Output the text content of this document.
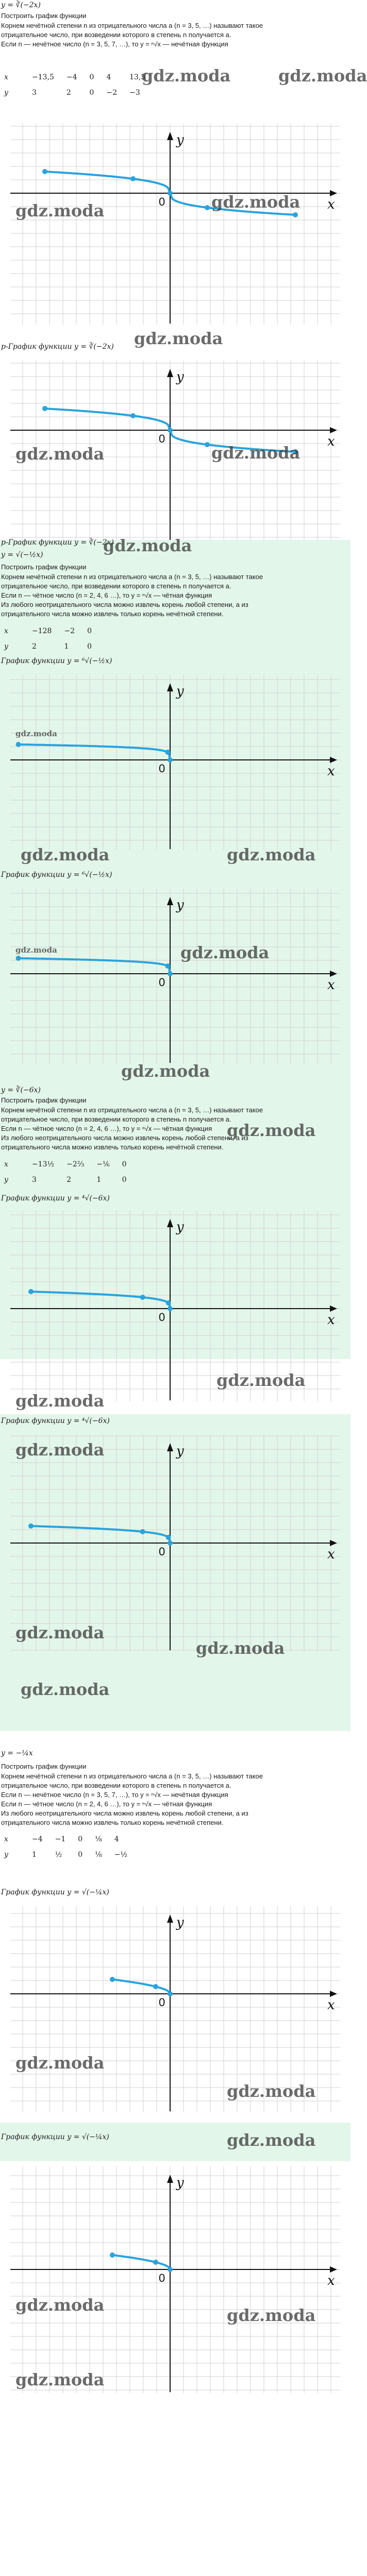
y = ∛(−2x)
Построить график функции
Корнем нечётной степени n из отрицательного числа a (n = 3, 5, …) называют такое
отрицательное число, при возведении которого в степень n получается a.
Если n — нечётное число (n = 3, 5, 7, …), то y = ⁿ√x — нечётная функция
x	−13,5	−4	0	4	13,5
y	3	2	0	−2	−3
gdz.moda	gdz.moda
x
y
0
gdz.moda	gdz.moda
gdz.moda
р-График функции y = ∛(−2x)
x
y
0
gdz.moda	gdz.moda
р-График функции y = ∛(−2x)
gdz.moda
y = √(−½x)
Построить график функции
Корнем нечётной степени n из отрицательного числа a (n = 3, 5, …) называют такое
отрицательное число, при возведении которого в степень n получается a.
Если n — чётное число (n = 2, 4, 6 …), то y = ⁿ√x — чётная функция
Из любого неотрицательного числа можно извлечь корень любой степени, а из
отрицательного числа можно извлечь только корень нечётной степени.
x	−128	−2	0
y	2	1	0
График функции y = ⁶√(−½x)
x
y
0
gdz.moda
gdz.moda	gdz.moda
График функции y = ⁶√(−½x)
x
y
0
gdz.moda	gdz.moda
gdz.moda
y = ∛(−6x)
Построить график функции
Корнем нечётной степени n из отрицательного числа a (n = 3, 5, …) называют такое
отрицательное число, при возведении которого в степень n получается a.
Если n — чётное число (n = 2, 4, 6 …), то y = ⁿ√x — чётная функция
Из любого неотрицательного числа можно извлечь корень любой степени, а из
отрицательного числа можно извлечь только корень нечётной степени.
gdz.moda
x	−13½	−2⅔	−⅙	0
y	3	2	1	0
График функции y = ⁴√(−6x)
x
y
0
gdz.moda
gdz.moda
График функции y = ⁴√(−6x)
x
y
0
gdz.moda
gdz.moda
gdz.moda
gdz.moda
y = −¼x
Построить график функции
Корнем нечётной степени n из отрицательного числа a (n = 3, 5, …) называют такое
отрицательное число, при возведении которого в степень n получается a.
Если n — нечётное число (n = 3, 5, 7, …), то y = ⁿ√x — нечётная функция
Если n — чётное число (n = 2, 4, 6 …), то y = ⁿ√x — чётная функция
Из любого неотрицательного числа можно извлечь корень любой степени, а из
отрицательного числа можно извлечь только корень нечётной степени.
x	−4	−1	0	⅛	4
y	1	½	0	⅛	−½
График функции y = √(−¼x)
x
y
0
gdz.moda
gdz.moda
График функции y = √(−¼x)	gdz.moda
x
y
0
gdz.moda
gdz.moda
gdz.moda
